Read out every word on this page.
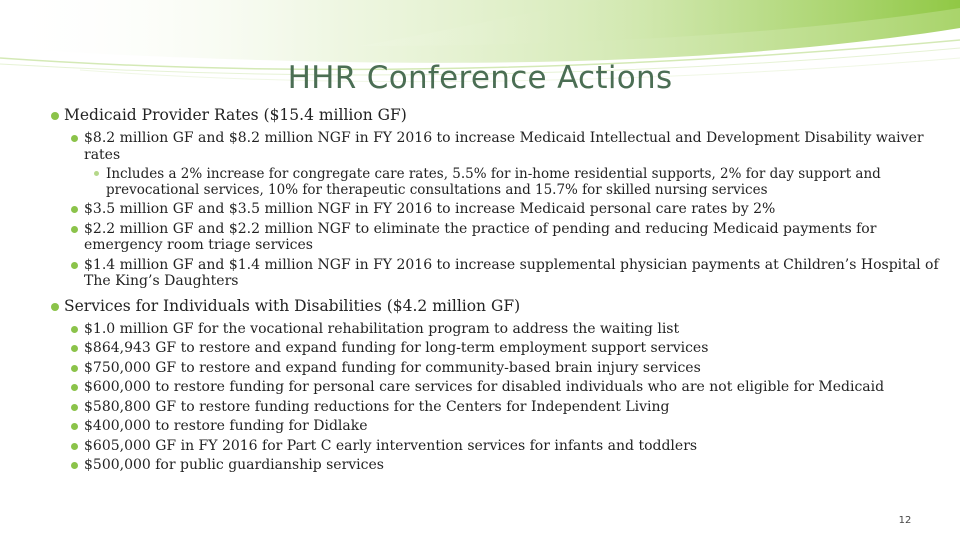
HHR Conference Actions
Medicaid Provider Rates ($15.4 million GF)
$8.2 million GF and $8.2 million NGF in FY 2016 to increase Medicaid Intellectual and Development Disability waiver rates
Includes a 2% increase for congregate care rates, 5.5% for in-home residential supports, 2% for day support and prevocational services, 10% for therapeutic consultations and 15.7% for skilled nursing services
$3.5 million GF and $3.5 million NGF in FY 2016 to increase Medicaid personal care rates by 2%
$2.2 million GF and $2.2 million NGF to eliminate the practice of pending and reducing Medicaid payments for emergency room triage services
$1.4 million GF and $1.4 million NGF in FY 2016 to increase supplemental physician payments at Children’s Hospital of The King’s Daughters
Services for Individuals with Disabilities ($4.2 million GF)
$1.0 million GF for the vocational rehabilitation program to address the waiting list
$864,943 GF to restore and expand funding for long-term employment support services
$750,000 GF to restore and expand funding for community-based brain injury services
$600,000 to restore funding for personal care services for disabled individuals who are not eligible for Medicaid
$580,800 GF to restore funding reductions for the Centers for Independent Living
$400,000 to restore funding for Didlake
$605,000 GF in FY 2016 for Part C early intervention services for infants and toddlers
$500,000 for public guardianship services
12
